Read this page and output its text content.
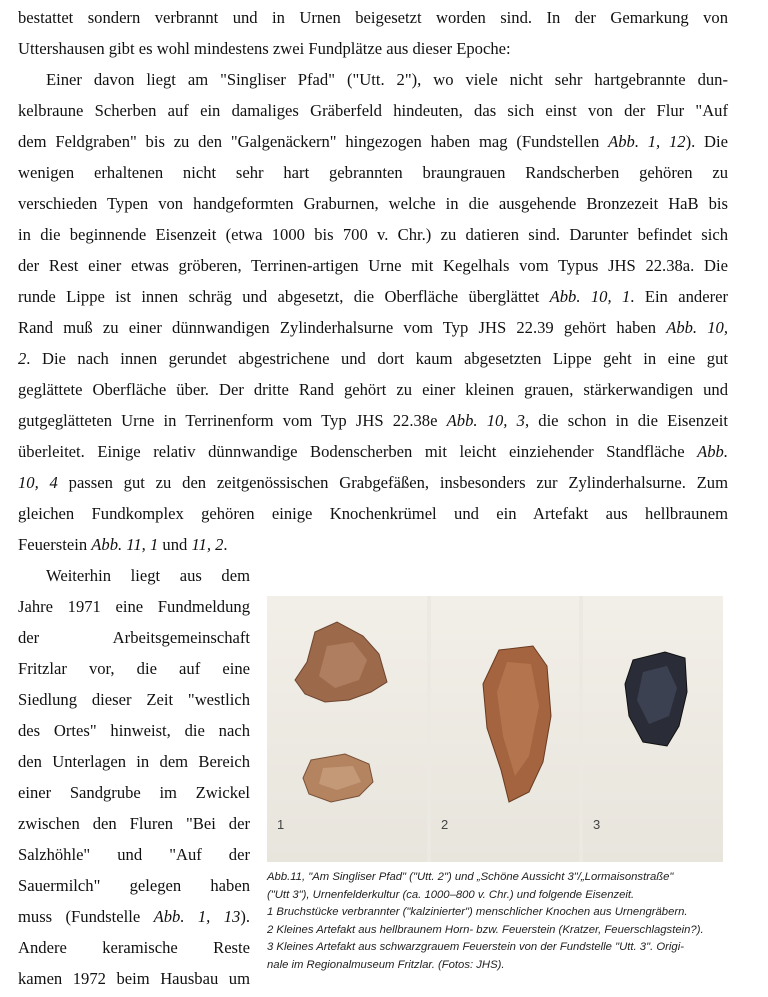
bestattet sondern verbrannt und in Urnen beigesetzt worden sind. In der Gemarkung von
Uttershausen gibt es wohl mindestens zwei Fundplätze aus dieser Epoche:
Einer davon liegt am "Singliser Pfad" ("Utt. 2"), wo viele nicht sehr hartgebrannte dun-
kelbraune Scherben auf ein damaliges Gräberfeld hindeuten, das sich einst von der Flur "Auf
dem Feldgraben" bis zu den "Galgenäckern" hingezogen haben mag (Fundstellen Abb. 1, 12). Die
wenigen erhaltenen nicht sehr hart gebrannten braungrauen Randscherben gehören zu
verschieden Typen von handgeformten Graburnen, welche in die ausgehende Bronzezeit HaB bis
in die beginnende Eisenzeit (etwa 1000 bis 700 v. Chr.) zu datieren sind. Darunter befindet sich
der Rest einer etwas gröberen, Terrinen-artigen Urne mit Kegelhals vom Typus JHS 22.38a. Die
runde Lippe ist innen schräg und abgesetzt, die Oberfläche überglättet Abb. 10, 1. Ein anderer
Rand muß zu einer dünnwandigen Zylinderhalsurne vom Typ JHS 22.39 gehört haben Abb. 10,
2. Die nach innen gerundet abgestrichene und dort kaum abgesetzten Lippe geht in eine gut
geglättete Oberfläche über. Der dritte Rand gehört zu einer kleinen grauen, stärkerwandigen und
gutgeglätteten Urne in Terrinenform vom Typ JHS 22.38e Abb. 10, 3, die schon in die Eisenzeit
überleitet. Einige relativ dünnwandige Bodenscherben mit leicht einziehender Standfläche Abb.
10, 4 passen gut zu den zeitgenössischen Grabgefäßen, insbesonders zur Zylinderhalsurne. Zum
gleichen Fundkomplex gehören einige Knochenkrümel und ein Artefakt aus hellbraunem
Feuerstein Abb. 11, 1 und 11, 2.
Weiterhin liegt aus dem
Jahre 1971 eine Fundmeldung
der Arbeitsgemeinschaft
Fritzlar vor, die auf eine
Siedlung dieser Zeit "westlich
des Ortes" hinweist, die nach
den Unterlagen in dem Bereich
einer Sandgrube im Zwickel
zwischen den Fluren "Bei der
Salzhöhle" und "Auf der
Sauermilch" gelegen haben
muss (Fundstelle Abb. 1, 13).
Andere keramische Reste
kamen 1972 beim Hausbau um
1	2	3
Abb.11, "Am Singliser Pfad" ("Utt. 2") und „Schöne Aussicht 3"/„Lormaisonstraße"
("Utt 3"), Urnenfelderkultur (ca. 1000–800 v. Chr.) und folgende Eisenzeit.
1 Bruchstücke verbrannter ("kalzinierter") menschlicher Knochen aus Urnengräbern.
2 Kleines Artefakt aus hellbraunem Horn- bzw. Feuerstein (Kratzer, Feuerschlagstein?).
3 Kleines Artefakt aus schwarzgrauem Feuerstein von der Fundstelle "Utt. 3". Origi-
nale im Regionalmuseum Fritzlar. (Fotos: JHS).
